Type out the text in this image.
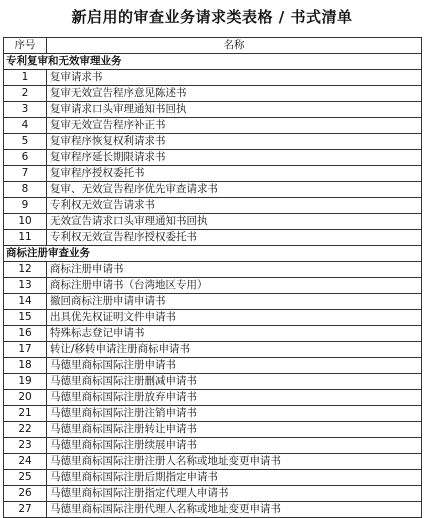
新启用的审查业务请求类表格 / 书式清单
序号	名称
专利复审和无效审理业务	
1	复审请求书
2	复审无效宣告程序意见陈述书
3	复审请求口头审理通知书回执
4	复审无效宣告程序补正书
5	复审程序恢复权利请求书
6	复审程序延长期限请求书
7	复审程序授权委托书
8	复审、无效宣告程序优先审查请求书
9	专利权无效宣告请求书
10	无效宣告请求口头审理通知书回执
11	专利权无效宣告程序授权委托书
商标注册审查业务	
12	商标注册申请书
13	商标注册申请书（台湾地区专用）
14	撤回商标注册申请申请书
15	出具优先权证明文件申请书
16	特殊标志登记申请书
17	转让/移转申请注册商标申请书
18	马德里商标国际注册申请书
19	马德里商标国际注册删减申请书
20	马德里商标国际注册放弃申请书
21	马德里商标国际注册注销申请书
22	马德里商标国际注册转让申请书
23	马德里商标国际注册续展申请书
24	马德里商标国际注册注册人名称或地址变更申请书
25	马德里商标国际注册后期指定申请书
26	马德里商标国际注册指定代理人申请书
27	马德里商标国际注册代理人名称或地址变更申请书
